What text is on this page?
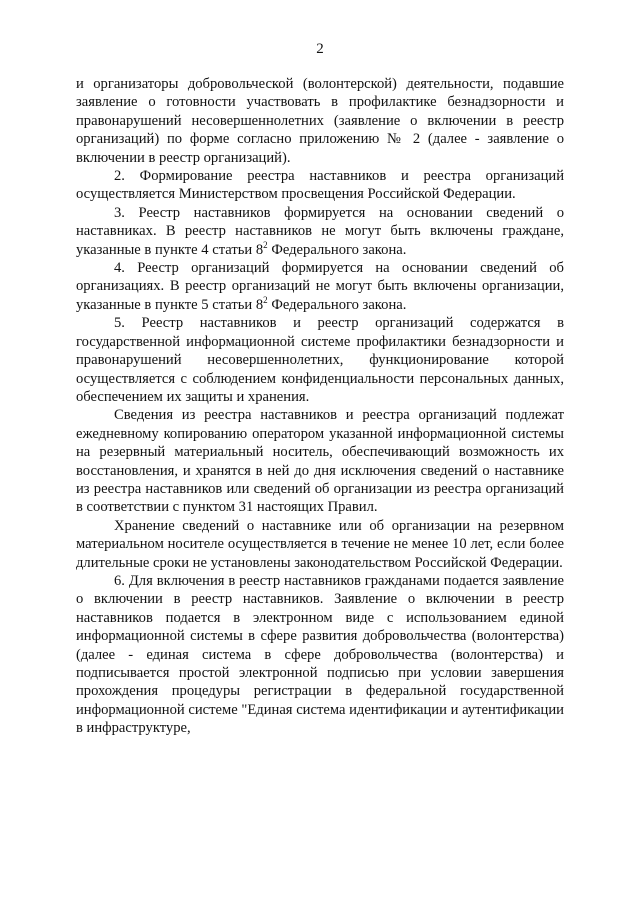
2

и организаторы добровольческой (волонтерской) деятельности, подавшие заявление о готовности участвовать в профилактике безнадзорности и правонарушений несовершеннолетних (заявление о включении в реестр организаций) по форме согласно приложению № 2 (далее - заявление о включении в реестр организаций).

2. Формирование реестра наставников и реестра организаций осуществляется Министерством просвещения Российской Федерации.

3. Реестр наставников формируется на основании сведений о наставниках. В реестр наставников не могут быть включены граждане, указанные в пункте 4 статьи $8^2$ Федерального закона.

4. Реестр организаций формируется на основании сведений об организациях. В реестр организаций не могут быть включены организации, указанные в пункте 5 статьи $8^2$ Федерального закона.

5. Реестр наставников и реестр организаций содержатся в государственной информационной системе профилактики безнадзорности и правонарушений несовершеннолетних, функционирование которой осуществляется с соблюдением конфиденциальности персональных данных, обеспечением их защиты и хранения.

Сведения из реестра наставников и реестра организаций подлежат ежедневному копированию оператором указанной информационной системы на резервный материальный носитель, обеспечивающий возможность их восстановления, и хранятся в ней до дня исключения сведений о наставнике из реестра наставников или сведений об организации из реестра организаций в соответствии с пунктом 31 настоящих Правил.

Хранение сведений о наставнике или об организации на резервном материальном носителе осуществляется в течение не менее 10 лет, если более длительные сроки не установлены законодательством Российской Федерации.

6. Для включения в реестр наставников гражданами подается заявление о включении в реестр наставников. Заявление о включении в реестр наставников подается в электронном виде с использованием единой информационной системы в сфере развития добровольчества (волонтерства) (далее - единая система в сфере добровольчества (волонтерства) и подписывается простой электронной подписью при условии завершения прохождения процедуры регистрации в федеральной государственной информационной системе "Единая система идентификации и аутентификации в инфраструктуре,
